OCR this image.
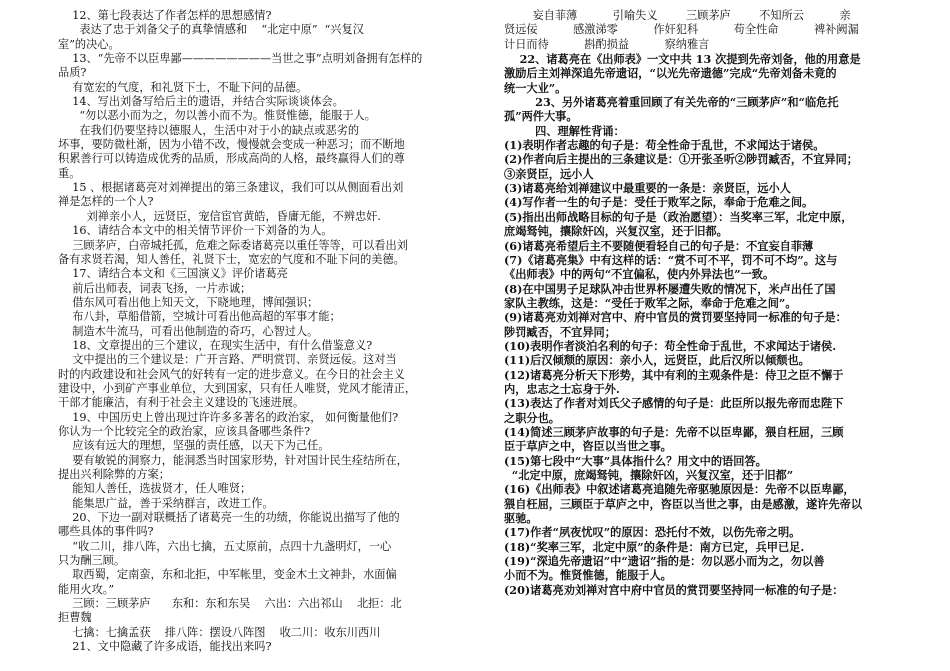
12、第七段表达了作者怎样的思想感情?
表达了忠于刘备父子的真挚情感和    “北定中原”  “兴复汉
室”的决心。
13、“先帝不以臣卑鄙————————当世之事”点明刘备拥有怎样的
品质?
有宽宏的气度，和礼贤下士，不耻下问的品德。
14、写出刘备写给后主的遗语，并结合实际谈谈体会。
“勿以恶小而为之，勿以善小而不为。惟贤惟德，能服于人。
在我们仍要坚持以德服人，生活中对于小的缺点或恶劣的
坏事，要防微杜渐，因为小错不改，慢慢就会变成一种恶习；而不断地
积累善行可以铸造成优秀的品质，形成高尚的人格，最终赢得人们的尊
重。
15 、根据诸葛亮对刘禅提出的第三条建议，我们可以从侧面看出刘
禅是怎样的一个人?
刘禅亲小人，远贤臣，宠信宦官黄皓，昏庸无能，不辨忠奸.
16、请结合本文中的相关情节评价一下刘备的为人。
三顾茅庐，白帝城托孤，危难之际委诸葛亮以重任等等，可以看出刘
备有求贤若渴，知人善任，礼贤下士，宽宏的气度和不耻下问的美德。
17、请结合本文和《三国演义》评价诸葛亮
前后出师表，词表飞扬，一片赤诚；
借东风可看出他上知天文，下晓地理，博闻强识；
布八卦，草船借箭，空城计可看出他高超的军事才能；
制造木牛流马，可看出他制造的奇巧，心智过人。
18、文章提出的三个建议，在现实生活中，有什么借鉴意义?
文中提出的三个建议是：广开言路、严明赏罚、亲贤远佞。这对当
时的内政建设和社会风气的好转有一定的进步意义。在今日的社会主义
建设中，小到矿产事业单位，大到国家，只有任人唯贤，党风才能清正，
干部才能廉洁，有利于社会主义建设的飞速进展。
19、中国历史上曾出现过许许多多著名的政治家， 如何衡量他们?
你认为一个比较完全的政治家，应该具备哪些条件?
应该有远大的理想，坚强的责任感，以天下为己任。
要有敏锐的洞察力，能洞悉当时国家形势，针对国计民生痊结所在，
提出兴利除弊的方案；
能知人善任，选拔贤才，任人唯贤；
能集思广益，善于采纳群言，改进工作。
20、下边一副对联概括了诸葛亮一生的功绩，你能说出描写了他的
哪些具体的事件吗?
“收二川，排八阵，六出七擒，五丈原前，点四十九盏明灯，一心
只为酬三顾。
取西蜀，定南蛮，东和北拒，中军帐里，变金木土文神卦，水面偏
能用火攻。”
三顾：三顾茅庐      东和：东和东吴    六出：六出祁山    北拒：北
拒曹魏
七擒：七擒孟获    排八阵：摆设八阵图    收二川：收东川西川
21、文中隐藏了许多成语，能找出来吗?
妄自菲薄          引喻失义        三顾茅庐        不知所云          亲
贤远佞          感激涕零          作奸犯科          苟全性命          裨补阙漏
计日而待          斟酌损益          察纳雅言
22、诸葛亮在《出师表》一文中共 13 次提到先帝刘备，他的用意是
激励后主刘禅深追先帝遗诏，“以光先帝遗德”完成“先帝刘备未竟的
统一大业”。
23、另外诸葛亮着重回顾了有关先帝的“三顾茅庐”和“临危托
孤”两件大事。
四、理解性背诵：
(1)表明作者志趣的句子是：苟全性命于乱世，不求闻达于诸侯。
(2)作者向后主提出的三条建议是：①开张圣听②陟罚臧否，不宜异同；
③亲贤臣，远小人
(3)诸葛亮给刘禅建议中最重要的一条是：亲贤臣，远小人
(4)写作者一生的句子是：受任于败军之际，奉命于危难之间。
(5)指出出师战略目标的句子是（政治愿望）：当奖率三军，北定中原，
庶竭驽钝，攘除奸凶，兴复汉室，还于旧都。
(6)诸葛亮希望后主不要随便看轻自己的句子是：不宜妄自菲薄
(7)《诸葛亮集》中有这样的话：“赏不可不平，罚不可不均”。这与
《出师表》中的两句“不宜偏私，使内外异法也”一致。
(8)在中国男子足球队冲击世界杯屡遭失败的情况下，米卢出任了国
家队主教练，这是：“受任于败军之际，奉命于危难之间”。
(9)诸葛亮劝刘禅对宫中、府中官员的赏罚要坚持同一标准的句子是：
陟罚臧否，不宜异同；
(10)表明作者淡泊名利的句子：苟全性命于乱世，不求闻达于诸侯.
(11)后汉倾颓的原因：亲小人，远贤臣，此后汉所以倾颓也。
(12)诸葛亮分析天下形势，其中有利的主观条件是：侍卫之臣不懈于
内，忠志之士忘身于外.
(13)表达了作者对刘氏父子感情的句子是：此臣所以报先帝而忠陛下
之职分也。
(14)简述三顾茅庐故事的句子是：先帝不以臣卑鄙，猥自枉屈，三顾
臣于草庐之中，咨臣以当世之事。
(15)第七段中“大事”具体指什么？用文中的语回答。
“北定中原，庶竭驽钝，攘除奸凶，兴复汉室，还于旧都”
(16)《出师表》中叙述诸葛亮追随先帝驱驰原因是：先帝不以臣卑鄙，
猥自枉屈，三顾臣于草庐之中，咨臣以当世之事，由是感激，遂许先帝以
驱驰。
(17)作者“夙夜忧叹”的原因：恐托付不效，以伤先帝之明。
(18)“奖率三军，北定中原”的条件是：南方已定，兵甲已足.
(19)“深追先帝遗诏”中“遗诏”指的是：勿以恶小而为之，勿以善
小而不为。惟贤惟德，能服于人。
(20)诸葛亮劝刘禅对宫中府中官员的赏罚要坚持同一标准的句子是：
